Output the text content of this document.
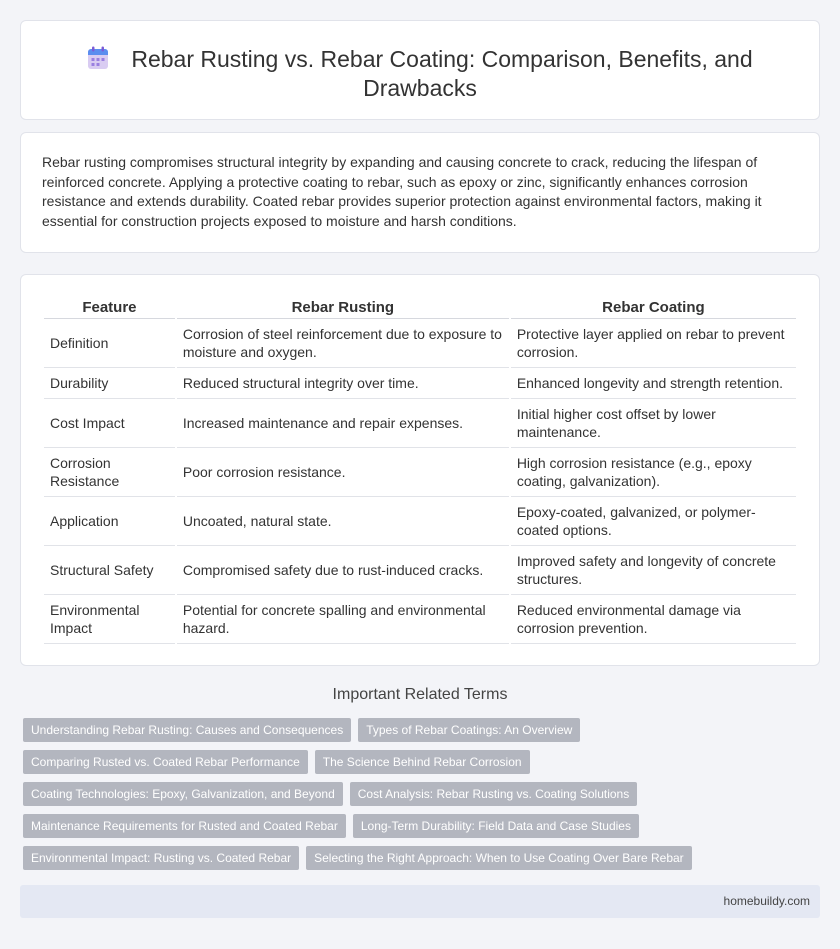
Rebar Rusting vs. Rebar Coating: Comparison, Benefits, and
Drawbacks

Rebar rusting compromises structural integrity by expanding and causing concrete to crack, reducing the lifespan of reinforced concrete. Applying a protective coating to rebar, such as epoxy or zinc, significantly enhances corrosion resistance and extends durability. Coated rebar provides superior protection against environmental factors, making it essential for construction projects exposed to moisture and harsh conditions.

Feature	Rebar Rusting	Rebar Coating
Definition	Corrosion of steel reinforcement due to exposure to moisture and oxygen.	Protective layer applied on rebar to prevent corrosion.
Durability	Reduced structural integrity over time.	Enhanced longevity and strength retention.
Cost Impact	Increased maintenance and repair expenses.	Initial higher cost offset by lower maintenance.
Corrosion Resistance	Poor corrosion resistance.	High corrosion resistance (e.g., epoxy coating, galvanization).
Application	Uncoated, natural state.	Epoxy-coated, galvanized, or polymer-coated options.
Structural Safety	Compromised safety due to rust-induced cracks.	Improved safety and longevity of concrete structures.
Environmental Impact	Potential for concrete spalling and environmental hazard.	Reduced environmental damage via corrosion prevention.
Important Related Terms
Understanding Rebar Rusting: Causes and Consequences	Types of Rebar Coatings: An Overview
Comparing Rusted vs. Coated Rebar Performance	The Science Behind Rebar Corrosion
Coating Technologies: Epoxy, Galvanization, and Beyond	Cost Analysis: Rebar Rusting vs. Coating Solutions
Maintenance Requirements for Rusted and Coated Rebar	Long-Term Durability: Field Data and Case Studies
Environmental Impact: Rusting vs. Coated Rebar	Selecting the Right Approach: When to Use Coating Over Bare Rebar
homebuildy.com
